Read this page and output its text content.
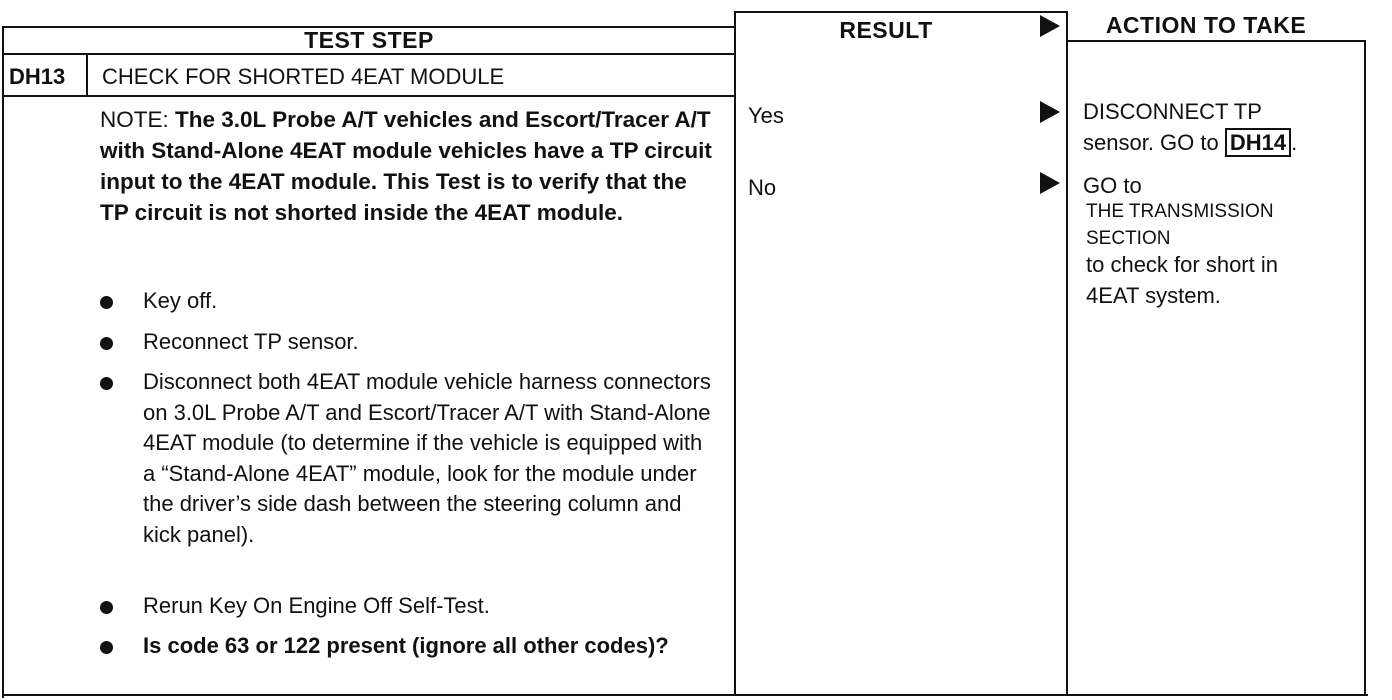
TEST STEP	RESULT	ACTION TO TAKE
DH13 CHECK FOR SHORTED 4EAT MODULE
NOTE: The 3.0L Probe A/T vehicles and Escort/Tracer A/T with Stand-Alone 4EAT module vehicles have a TP circuit input to the 4EAT module. This Test is to verify that the TP circuit is not shorted inside the 4EAT module.
Key off.
Reconnect TP sensor.
Disconnect both 4EAT module vehicle harness connectors on 3.0L Probe A/T and Escort/Tracer A/T with Stand-Alone 4EAT module (to determine if the vehicle is equipped with a “Stand-Alone 4EAT” module, look for the module under the driver’s side dash between the steering column and kick panel).
Rerun Key On Engine Off Self-Test.
Is code 63 or 122 present (ignore all other codes)?
Yes	DISCONNECT TP
sensor. GO to DH14 .
No	GO to
THE TRANSMISSION
SECTION
to check for short in
4EAT system.
